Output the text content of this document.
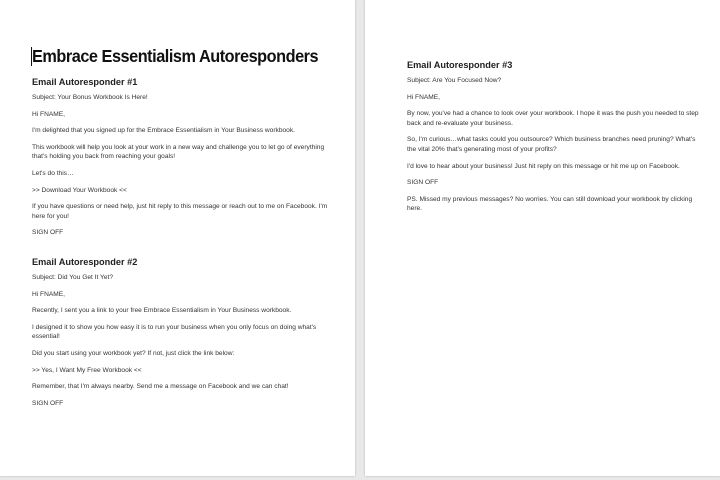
Embrace Essentialism Autoresponders
Email Autoresponder #1
Subject: Your Bonus Workbook Is Here!
Hi FNAME,
I'm delighted that you signed up for the Embrace Essentialism in Your Business workbook.
This workbook will help you look at your work in a new way and challenge you to let go of everything that's holding you back from reaching your goals!
Let's do this…
>> Download Your Workbook <<
If you have questions or need help, just hit reply to this message or reach out to me on Facebook. I'm here for you!
SIGN OFF
Email Autoresponder #2
Subject: Did You Get It Yet?
Hi FNAME,
Recently, I sent you a link to your free Embrace Essentialism in Your Business workbook.
I designed it to show you how easy it is to run your business when you only focus on doing what's essential!
Did you start using your workbook yet? If not, just click the link below:
>> Yes, I Want My Free Workbook <<
Remember, that I'm always nearby. Send me a message on Facebook and we can chat!
SIGN OFF
Email Autoresponder #3
Subject: Are You Focused Now?
Hi FNAME,
By now, you've had a chance to look over your workbook. I hope it was the push you needed to step back and re-evaluate your business.
So, I'm curious…what tasks could you outsource? Which business branches need pruning? What's the vital 20% that's generating most of your profits?
I'd love to hear about your business! Just hit reply on this message or hit me up on Facebook.
SIGN OFF
PS. Missed my previous messages? No worries. You can still download your workbook by clicking here.
